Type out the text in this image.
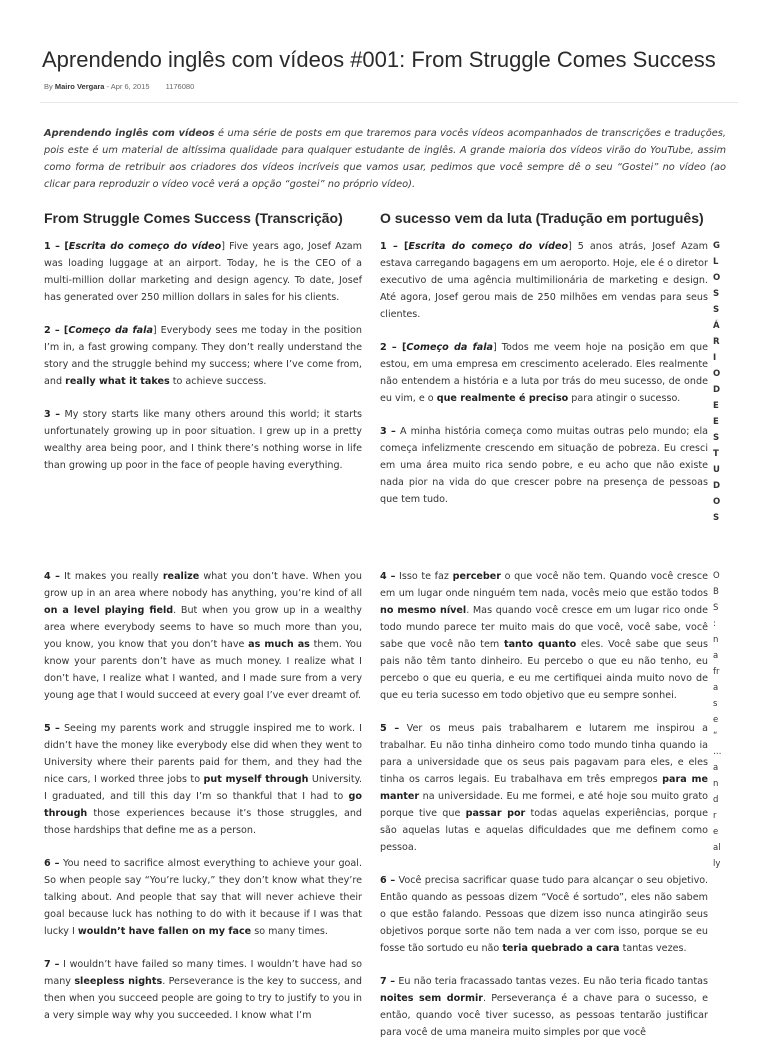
Aprendendo inglês com vídeos #001: From Struggle Comes Success
By Mairo Vergara - Apr 6, 2015 1176080

Aprendendo inglês com vídeos é uma série de posts em que traremos para vocês vídeos acompanhados de transcrições e traduções, pois este é um material de altíssima qualidade para qualquer estudante de inglês. A grande maioria dos vídeos virão do YouTube, assim como forma de retribuir aos criadores dos vídeos incríveis que vamos usar, pedimos que você sempre dê o seu “Gostei” no vídeo (ao clicar para reproduzir o vídeo você verá a opção “gostei” no próprio vídeo).

From Struggle Comes Success (Transcrição)	O sucesso vem da luta (Tradução em português)

1 – [Escrita do começo do vídeo] Five years ago, Josef Azam was loading luggage at an airport. Today, he is the CEO of a multi-million dollar marketing and design agency. To date, Josef has generated over 250 million dollars in sales for his clients.

2 – [Começo da fala] Everybody sees me today in the position I’m in, a fast growing company. They don’t really understand the story and the struggle behind my success; where I’ve come from, and really what it takes to achieve success.

3 – My story starts like many others around this world; it starts unfortunately growing up in poor situation. I grew up in a pretty wealthy area being poor, and I think there’s nothing worse in life than growing up poor in the face of people having everything.

1 – [Escrita do começo do vídeo] 5 anos atrás, Josef Azam estava carregando bagagens em um aeroporto. Hoje, ele é o diretor executivo de uma agência multimilionária de marketing e design. Até agora, Josef gerou mais de 250 milhões em vendas para seus clientes.

2 – [Começo da fala] Todos me veem hoje na posição em que estou, em uma empresa em crescimento acelerado. Eles realmente não entendem a história e a luta por trás do meu sucesso, de onde eu vim, e o que realmente é preciso para atingir o sucesso.

3 – A minha história começa como muitas outras pelo mundo; ela começa infelizmente crescendo em situação de pobreza. Eu cresci em uma área muito rica sendo pobre, e eu acho que não existe nada pior na vida do que crescer pobre na presença de pessoas que tem tudo.

4 – It makes you really realize what you don’t have. When you grow up in an area where nobody has anything, you’re kind of all on a level playing field. But when you grow up in a wealthy area where everybody seems to have so much more than you, you know, you know that you don’t have as much as them. You know your parents don’t have as much money. I realize what I don’t have, I realize what I wanted, and I made sure from a very young age that I would succeed at every goal I’ve ever dreamt of.

5 – Seeing my parents work and struggle inspired me to work. I didn’t have the money like everybody else did when they went to University where their parents paid for them, and they had the nice cars, I worked three jobs to put myself through University. I graduated, and till this day I’m so thankful that I had to go through those experiences because it’s those struggles, and those hardships that define me as a person.

6 – You need to sacrifice almost everything to achieve your goal. So when people say “You’re lucky,” they don’t know what they’re talking about. And people that say that will never achieve their goal because luck has nothing to do with it because if I was that lucky I wouldn’t have fallen on my face so many times.

7 – I wouldn’t have failed so many times. I wouldn’t have had so many sleepless nights. Perseverance is the key to success, and then when you succeed people are going to try to justify to you in a very simple way why you succeeded. I know what I’m

4 – Isso te faz perceber o que você não tem. Quando você cresce em um lugar onde ninguém tem nada, vocês meio que estão todos no mesmo nível. Mas quando você cresce em um lugar rico onde todo mundo parece ter muito mais do que você, você sabe, você sabe que você não tem tanto quanto eles. Você sabe que seus pais não têm tanto dinheiro. Eu percebo o que eu não tenho, eu percebo o que eu queria, e eu me certifiquei ainda muito novo de que eu teria sucesso em todo objetivo que eu sempre sonhei.

5 – Ver os meus pais trabalharem e lutarem me inspirou a trabalhar. Eu não tinha dinheiro como todo mundo tinha quando ia para a universidade que os seus pais pagavam para eles, e eles tinha os carros legais. Eu trabalhava em três empregos para me manter na universidade. Eu me formei, e até hoje sou muito grato porque tive que passar por todas aquelas experiências, porque são aquelas lutas e aquelas dificuldades que me definem como pessoa.

6 – Você precisa sacrificar quase tudo para alcançar o seu objetivo. Então quando as pessoas dizem “Você é sortudo”, eles não sabem o que estão falando. Pessoas que dizem isso nunca atingirão seus objetivos porque sorte não tem nada a ver com isso, porque se eu fosse tão sortudo eu não teria quebrado a cara tantas vezes.

7 – Eu não teria fracassado tantas vezes. Eu não teria ficado tantas noites sem dormir. Perseverança é a chave para o sucesso, e então, quando você tiver sucesso, as pessoas tentarão justificar para você de uma maneira muito simples por que você

G
L
O
S
S
Á
R
I
O
D
E
E
S
T
U
D
O
S
O
B
S
:
n
a
fr
a
s
e
“
…
a
n
d
r
e
al
ly
